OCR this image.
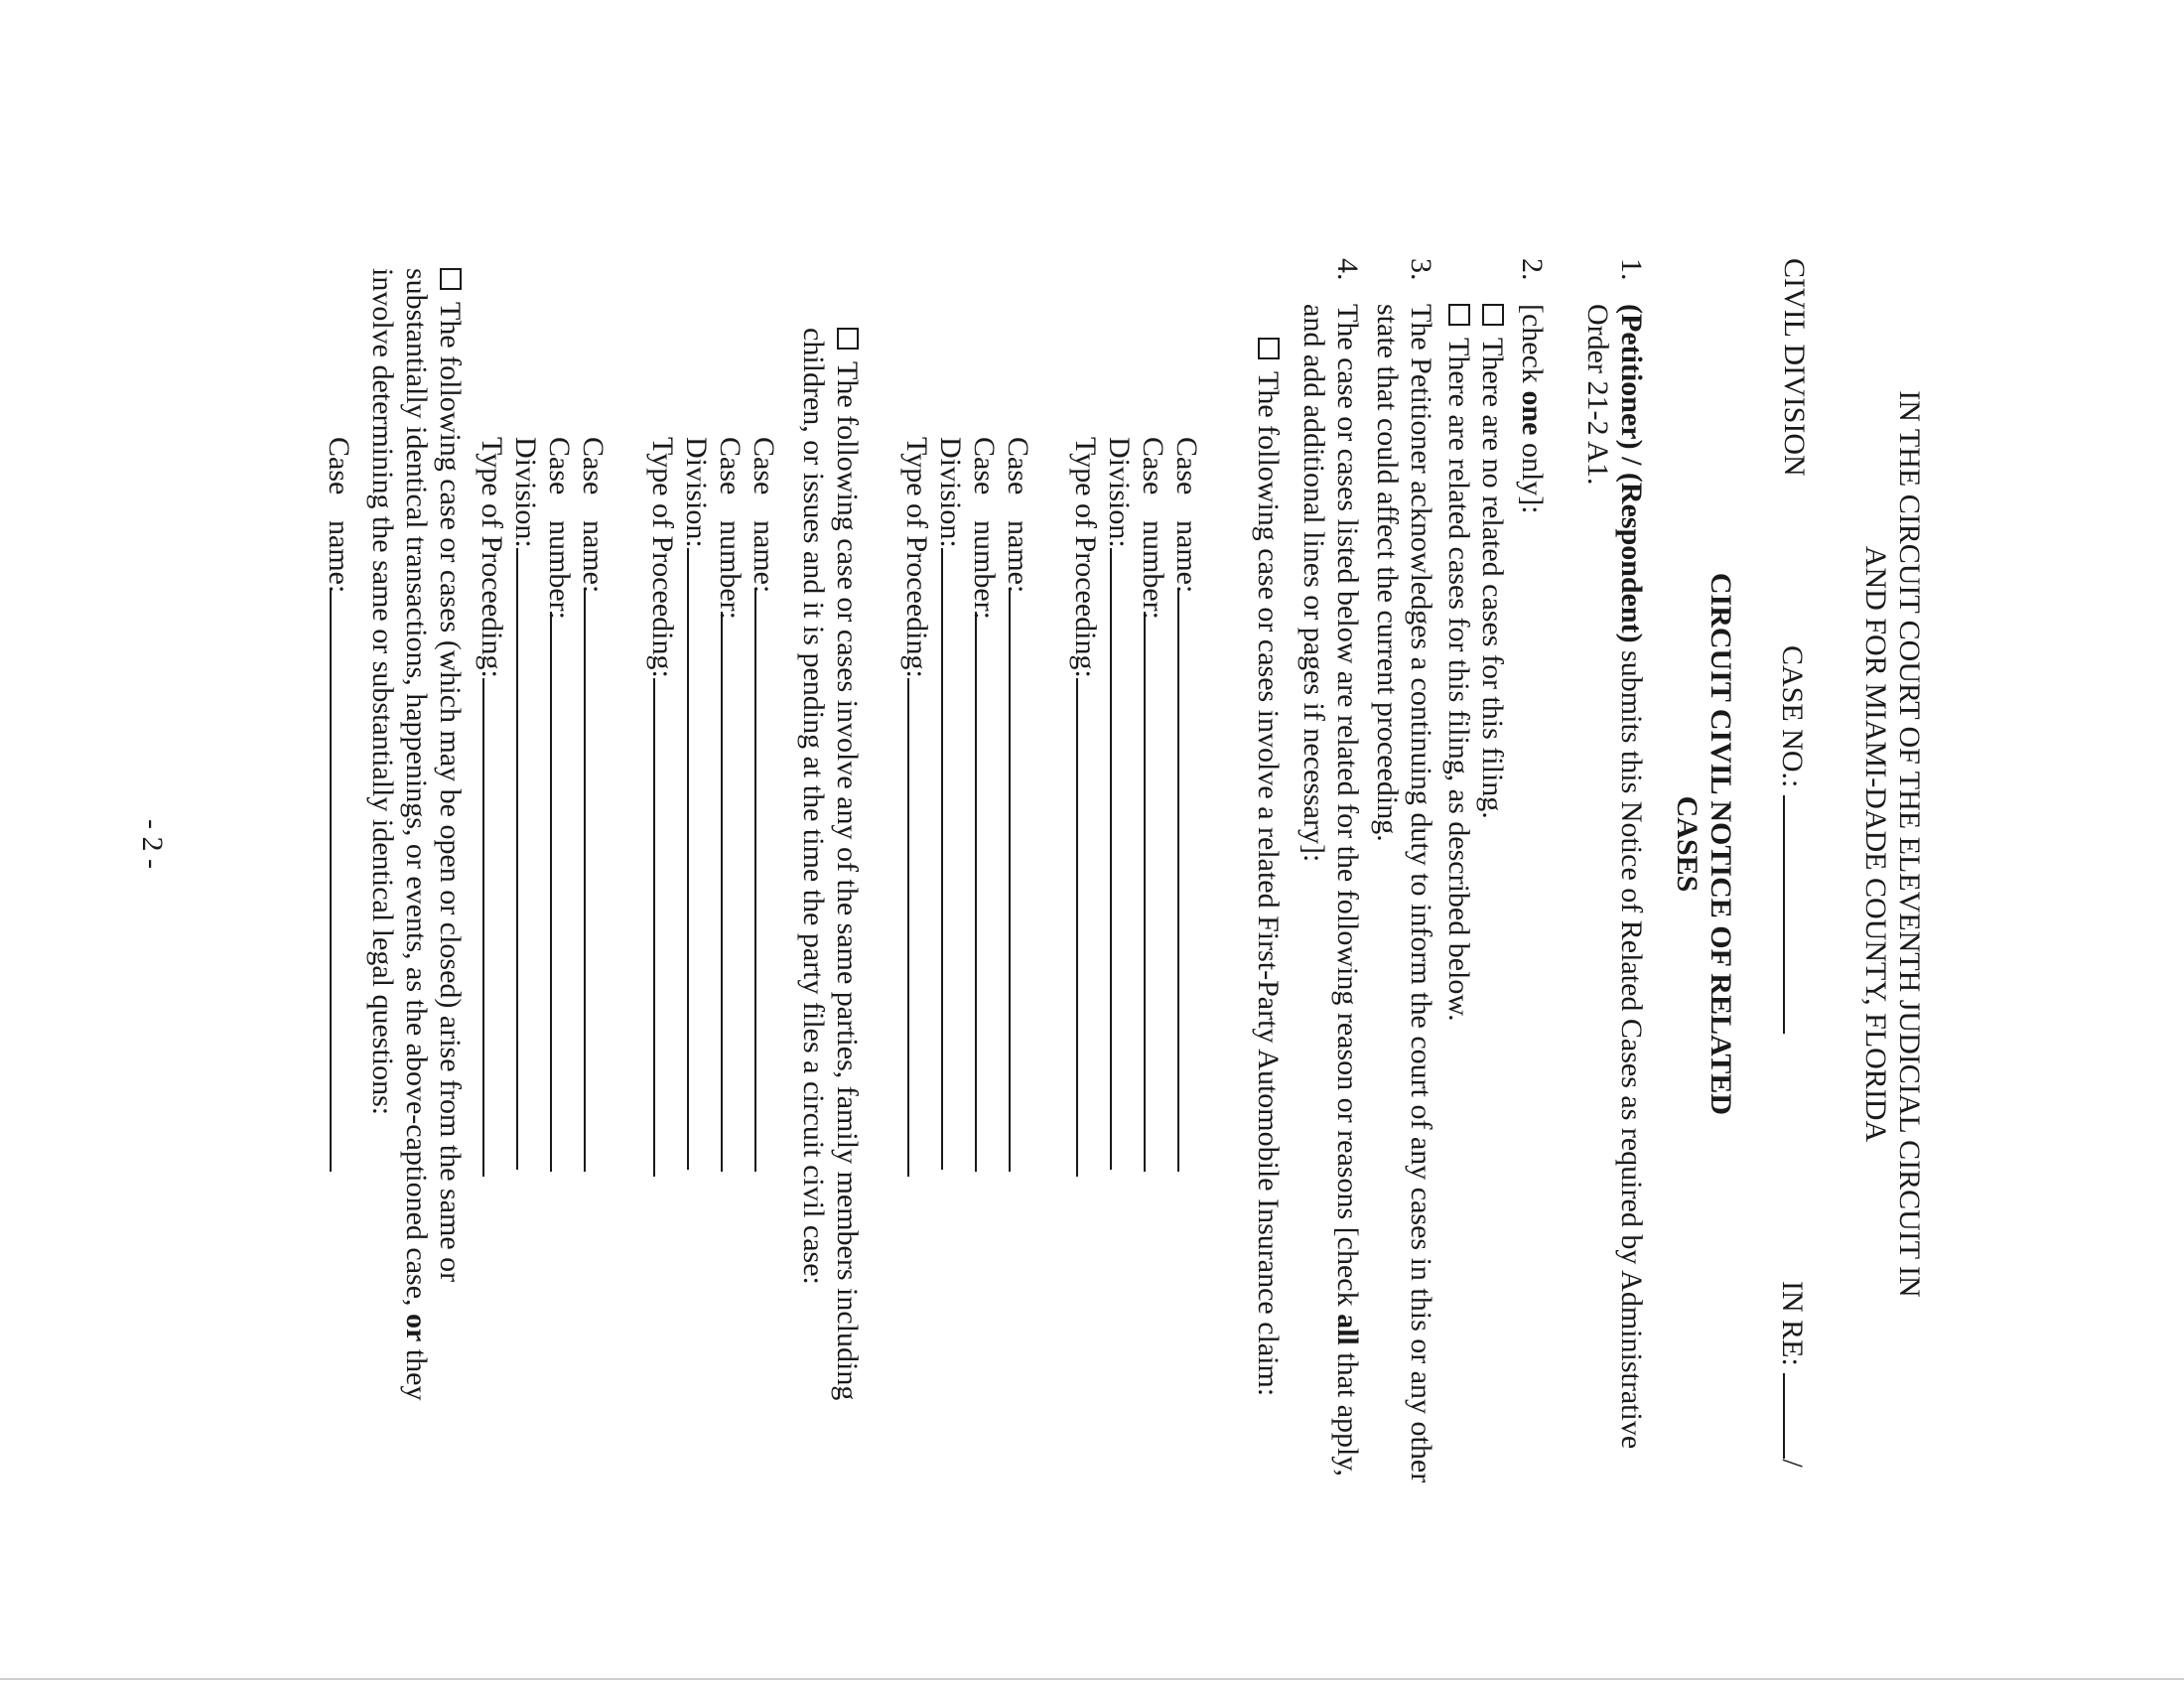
IN THE CIRCUIT COURT OF THE ELEVENTH JUDICIAL CIRCUIT IN
AND FOR MIAMI-DADE COUNTY, FLORIDA
CIVIL DIVISION
CASE NO.:
IN RE: /
CIRCUIT CIVIL NOTICE OF RELATED
CASES
1.
(Petitioner) / (Respondent) submits this Notice of Related Cases as required by Administrative
Order 21-2 A1.
2.
[check one only]:
There are no related cases for this filing.
There are related cases for this filing, as described below.
3.
The Petitioner acknowledges a continuing duty to inform the court of any cases in this or any other
state that could affect the current proceeding.
4.
The case or cases listed below are related for the following reason or reasons [check all that apply,
and add additional lines or pages if necessary]:
The following case or cases involve a related First-Party Automobile Insurance claim:
Casename:
Casenumber:
Division:
Type of Proceeding:
Casename:
Casenumber:
Division:
Type of Proceeding:
The following case or cases involve any of the same parties, family members including
children, or issues and it is pending at the time the party files a circuit civil case:
Casename:
Casenumber:
Division:
Type of Proceeding:
Casename:
Casenumber:
Division:
Type of Proceeding:
The following case or cases (which may be open or closed) arise from the same or
substantially identical transactions, happenings, or events, as the above-captioned case, or they
involve determining the same or substantially identical legal questions:
Casename:
- 2 -
